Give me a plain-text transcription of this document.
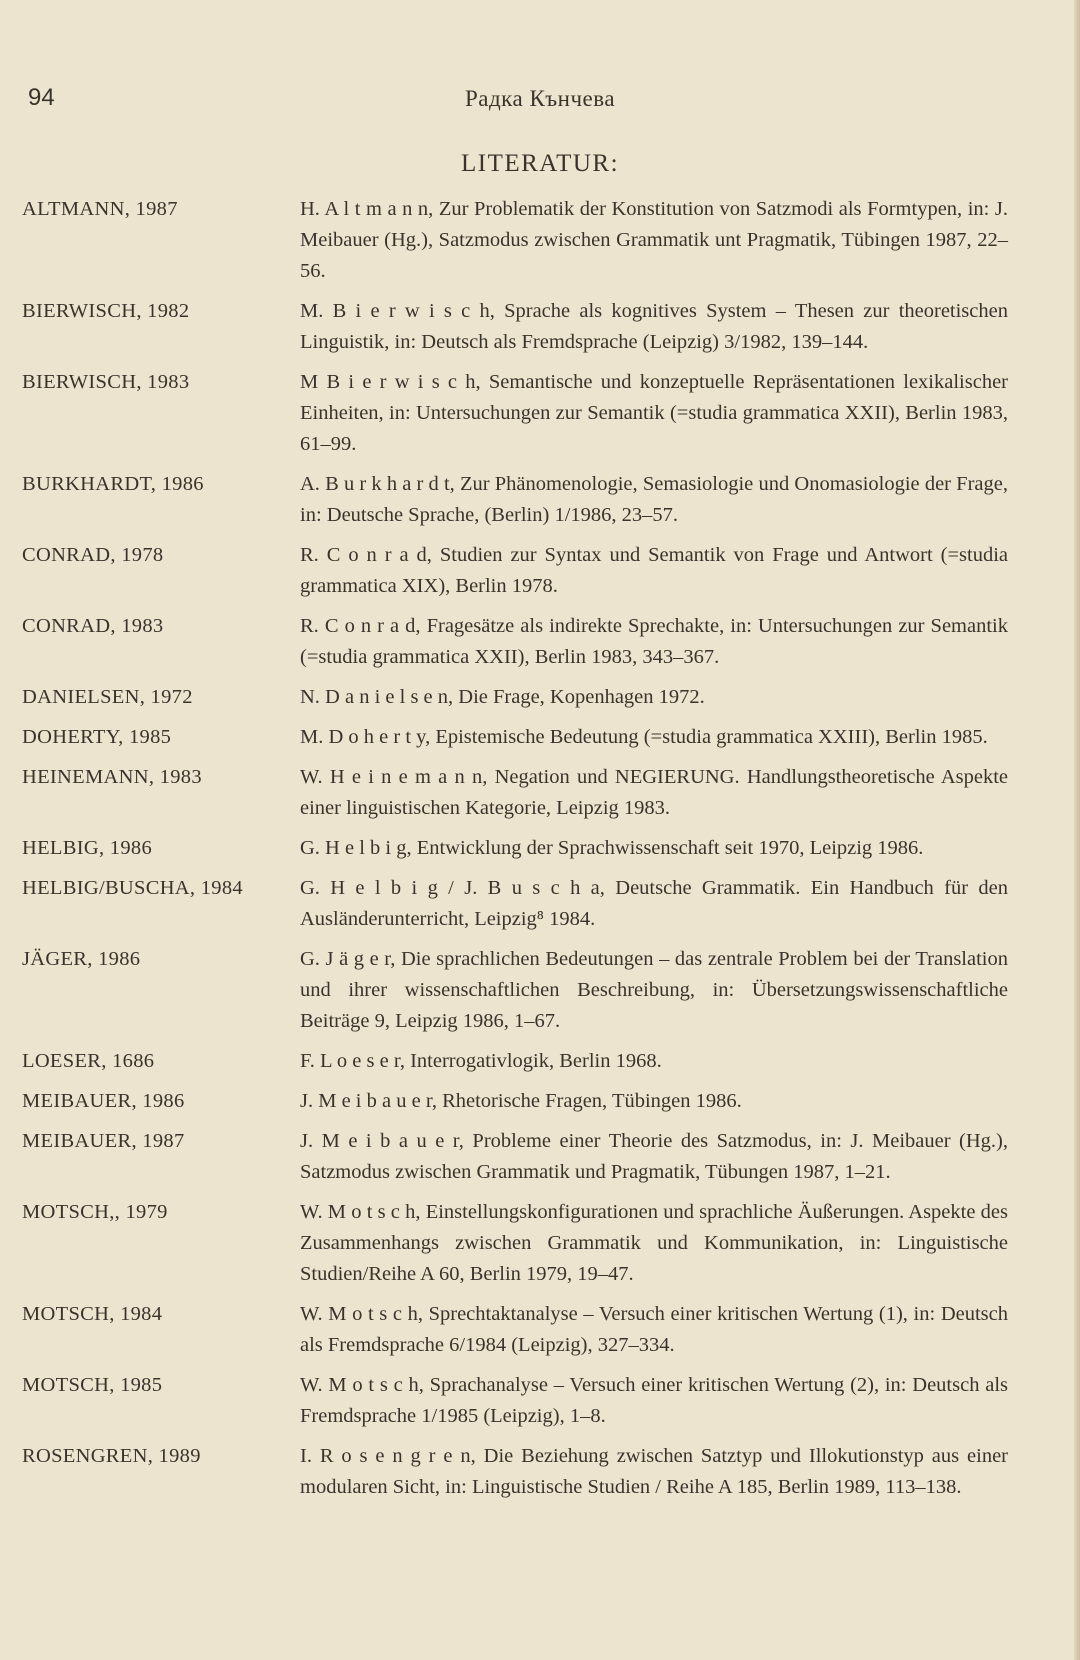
94	Радка Кънчева
LITERATUR:
ALTMANN, 1987	H. A l t m a n n, Zur Problematik der Konstitution von Satzmodi als Formtypen, in: J. Meibauer (Hg.), Satzmodus zwischen Grammatik unt Pragmatik, Tübingen 1987, 22–56.
BIERWISCH, 1982	M. B i e r w i s c h, Sprache als kognitives System – Thesen zur theoretischen Linguistik, in: Deutsch als Fremdsprache (Leipzig) 3/1982, 139–144.
BIERWISCH, 1983	M B i e r w i s c h, Semantische und konzeptuelle Repräsentationen lexikalischer Einheiten, in: Untersuchungen zur Semantik (=studia grammatica XXII), Berlin 1983, 61–99.
BURKHARDT, 1986	A. B u r k h a r d t, Zur Phänomenologie, Semasiologie und Onomasiologie der Frage, in: Deutsche Sprache, (Berlin) 1/1986, 23–57.
CONRAD, 1978	R. C o n r a d, Studien zur Syntax und Semantik von Frage und Antwort (=studia grammatica XIX), Berlin 1978.
CONRAD, 1983	R. C o n r a d, Fragesätze als indirekte Sprechakte, in: Untersuchungen zur Semantik (=studia grammatica XXII), Berlin 1983, 343–367.
DANIELSEN, 1972	N. D a n i e l s e n, Die Frage, Kopenhagen 1972.
DOHERTY, 1985	M. D o h e r t y, Epistemische Bedeutung (=studia grammatica XXIII), Berlin 1985.
HEINEMANN, 1983	W. H e i n e m a n n, Negation und NEGIERUNG. Handlungstheoretische Aspekte einer linguistischen Kategorie, Leipzig 1983.
HELBIG, 1986	G. H e l b i g, Entwicklung der Sprachwissenschaft seit 1970, Leipzig 1986.
HELBIG/BUSCHA, 1984	G. H e l b i g / J. B u s c h a, Deutsche Grammatik. Ein Handbuch für den Ausländerunterricht, Leipzig⁸ 1984.
JÄGER, 1986	G. J ä g e r, Die sprachlichen Bedeutungen – das zentrale Problem bei der Translation und ihrer wissenschaftlichen Beschreibung, in: Übersetzungswissenschaftliche Beiträge 9, Leipzig 1986, 1–67.
LOESER, 1686	F. L o e s e r, Interrogativlogik, Berlin 1968.
MEIBAUER, 1986	J. M e i b a u e r, Rhetorische Fragen, Tübingen 1986.
MEIBAUER, 1987	J. M e i b a u e r, Probleme einer Theorie des Satzmodus, in: J. Meibauer (Hg.), Satzmodus zwischen Grammatik und Pragmatik, Tübungen 1987, 1–21.
MOTSCH,, 1979	W. M o t s c h, Einstellungskonfigurationen und sprachliche Äußerungen. Aspekte des Zusammenhangs zwischen Grammatik und Kommunikation, in: Linguistische Studien/Reihe A 60, Berlin 1979, 19–47.
MOTSCH, 1984	W. M o t s c h, Sprechtaktanalyse – Versuch einer kritischen Wertung (1), in: Deutsch als Fremdsprache 6/1984 (Leipzig), 327–334.
MOTSCH, 1985	W. M o t s c h, Sprachanalyse – Versuch einer kritischen Wertung (2), in: Deutsch als Fremdsprache 1/1985 (Leipzig), 1–8.
ROSENGREN, 1989	I. R o s e n g r e n, Die Beziehung zwischen Satztyp und Illokutionstyp aus einer modularen Sicht, in: Linguistische Studien / Reihe A 185, Berlin 1989, 113–138.
